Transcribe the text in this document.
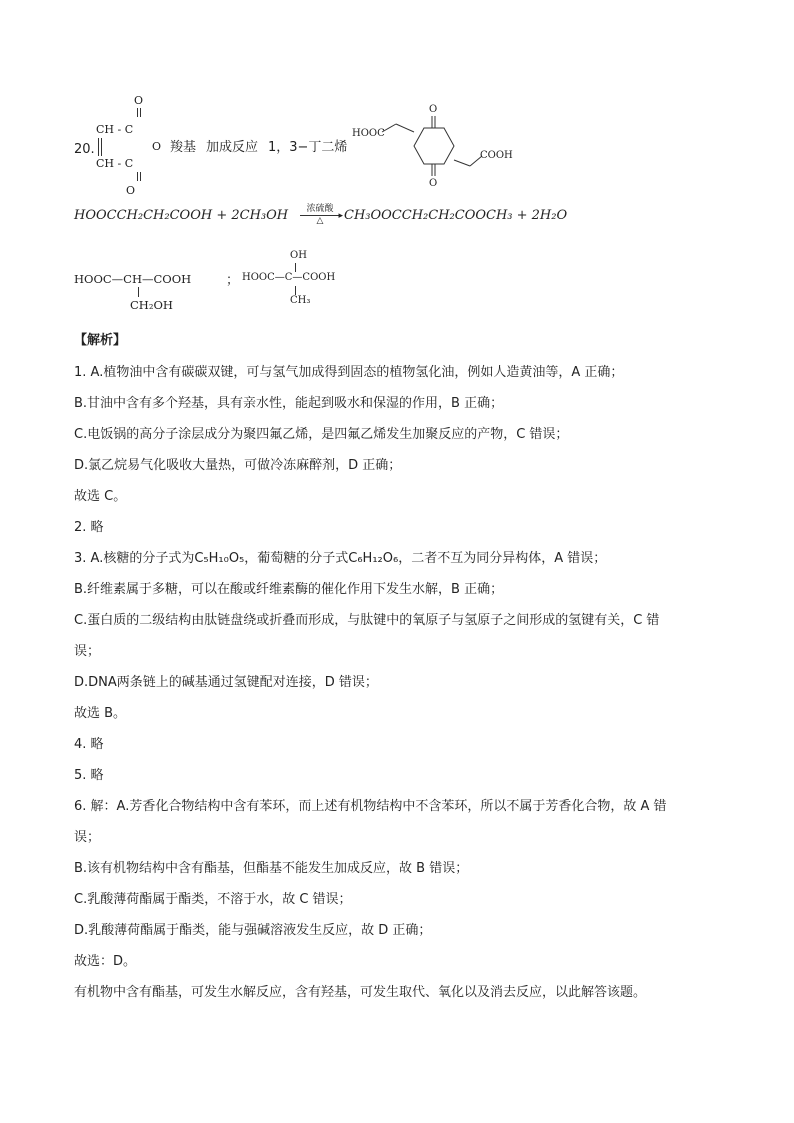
20.
O
CH - C
O
CH - C
O
羧基 加成反应 1，3−丁二烯
HOOC
COOH
O
O
HOOCCH₂CH₂COOH + 2CH₃OH	浓硫酸
▸
△	CH₃OOCCH₂CH₂COOCH₃ + 2H₂O
HOOC—CH—COOH
CH₂OH
；
OH
HOOC—C—COOH
CH₃
【解析】
1. A.植物油中含有碳碳双键，可与氢气加成得到固态的植物氢化油，例如人造黄油等，A 正确；
B.甘油中含有多个羟基，具有亲水性，能起到吸水和保湿的作用，B 正确；
C.电饭锅的高分子涂层成分为聚四氟乙烯，是四氟乙烯发生加聚反应的产物，C 错误；
D.氯乙烷易气化吸收大量热，可做冷冻麻醉剂，D 正确；
故选 C。
2. 略
3. A.核糖的分子式为C₅H₁₀O₅，葡萄糖的分子式C₆H₁₂O₆，二者不互为同分异构体，A 错误；
B.纤维素属于多糖，可以在酸或纤维素酶的催化作用下发生水解，B 正确；
C.蛋白质的二级结构由肽链盘绕或折叠而形成，与肽键中的氧原子与氢原子之间形成的氢键有关，C 错
误；
D.DNA两条链上的碱基通过氢键配对连接，D 错误；
故选 B。
4. 略
5. 略
6. 解：A.芳香化合物结构中含有苯环，而上述有机物结构中不含苯环，所以不属于芳香化合物，故 A 错
误；
B.该有机物结构中含有酯基，但酯基不能发生加成反应，故 B 错误；
C.乳酸薄荷酯属于酯类，不溶于水，故 C 错误；
D.乳酸薄荷酯属于酯类，能与强碱溶液发生反应，故 D 正确；
故选：D。
有机物中含有酯基，可发生水解反应，含有羟基，可发生取代、氧化以及消去反应，以此解答该题。
